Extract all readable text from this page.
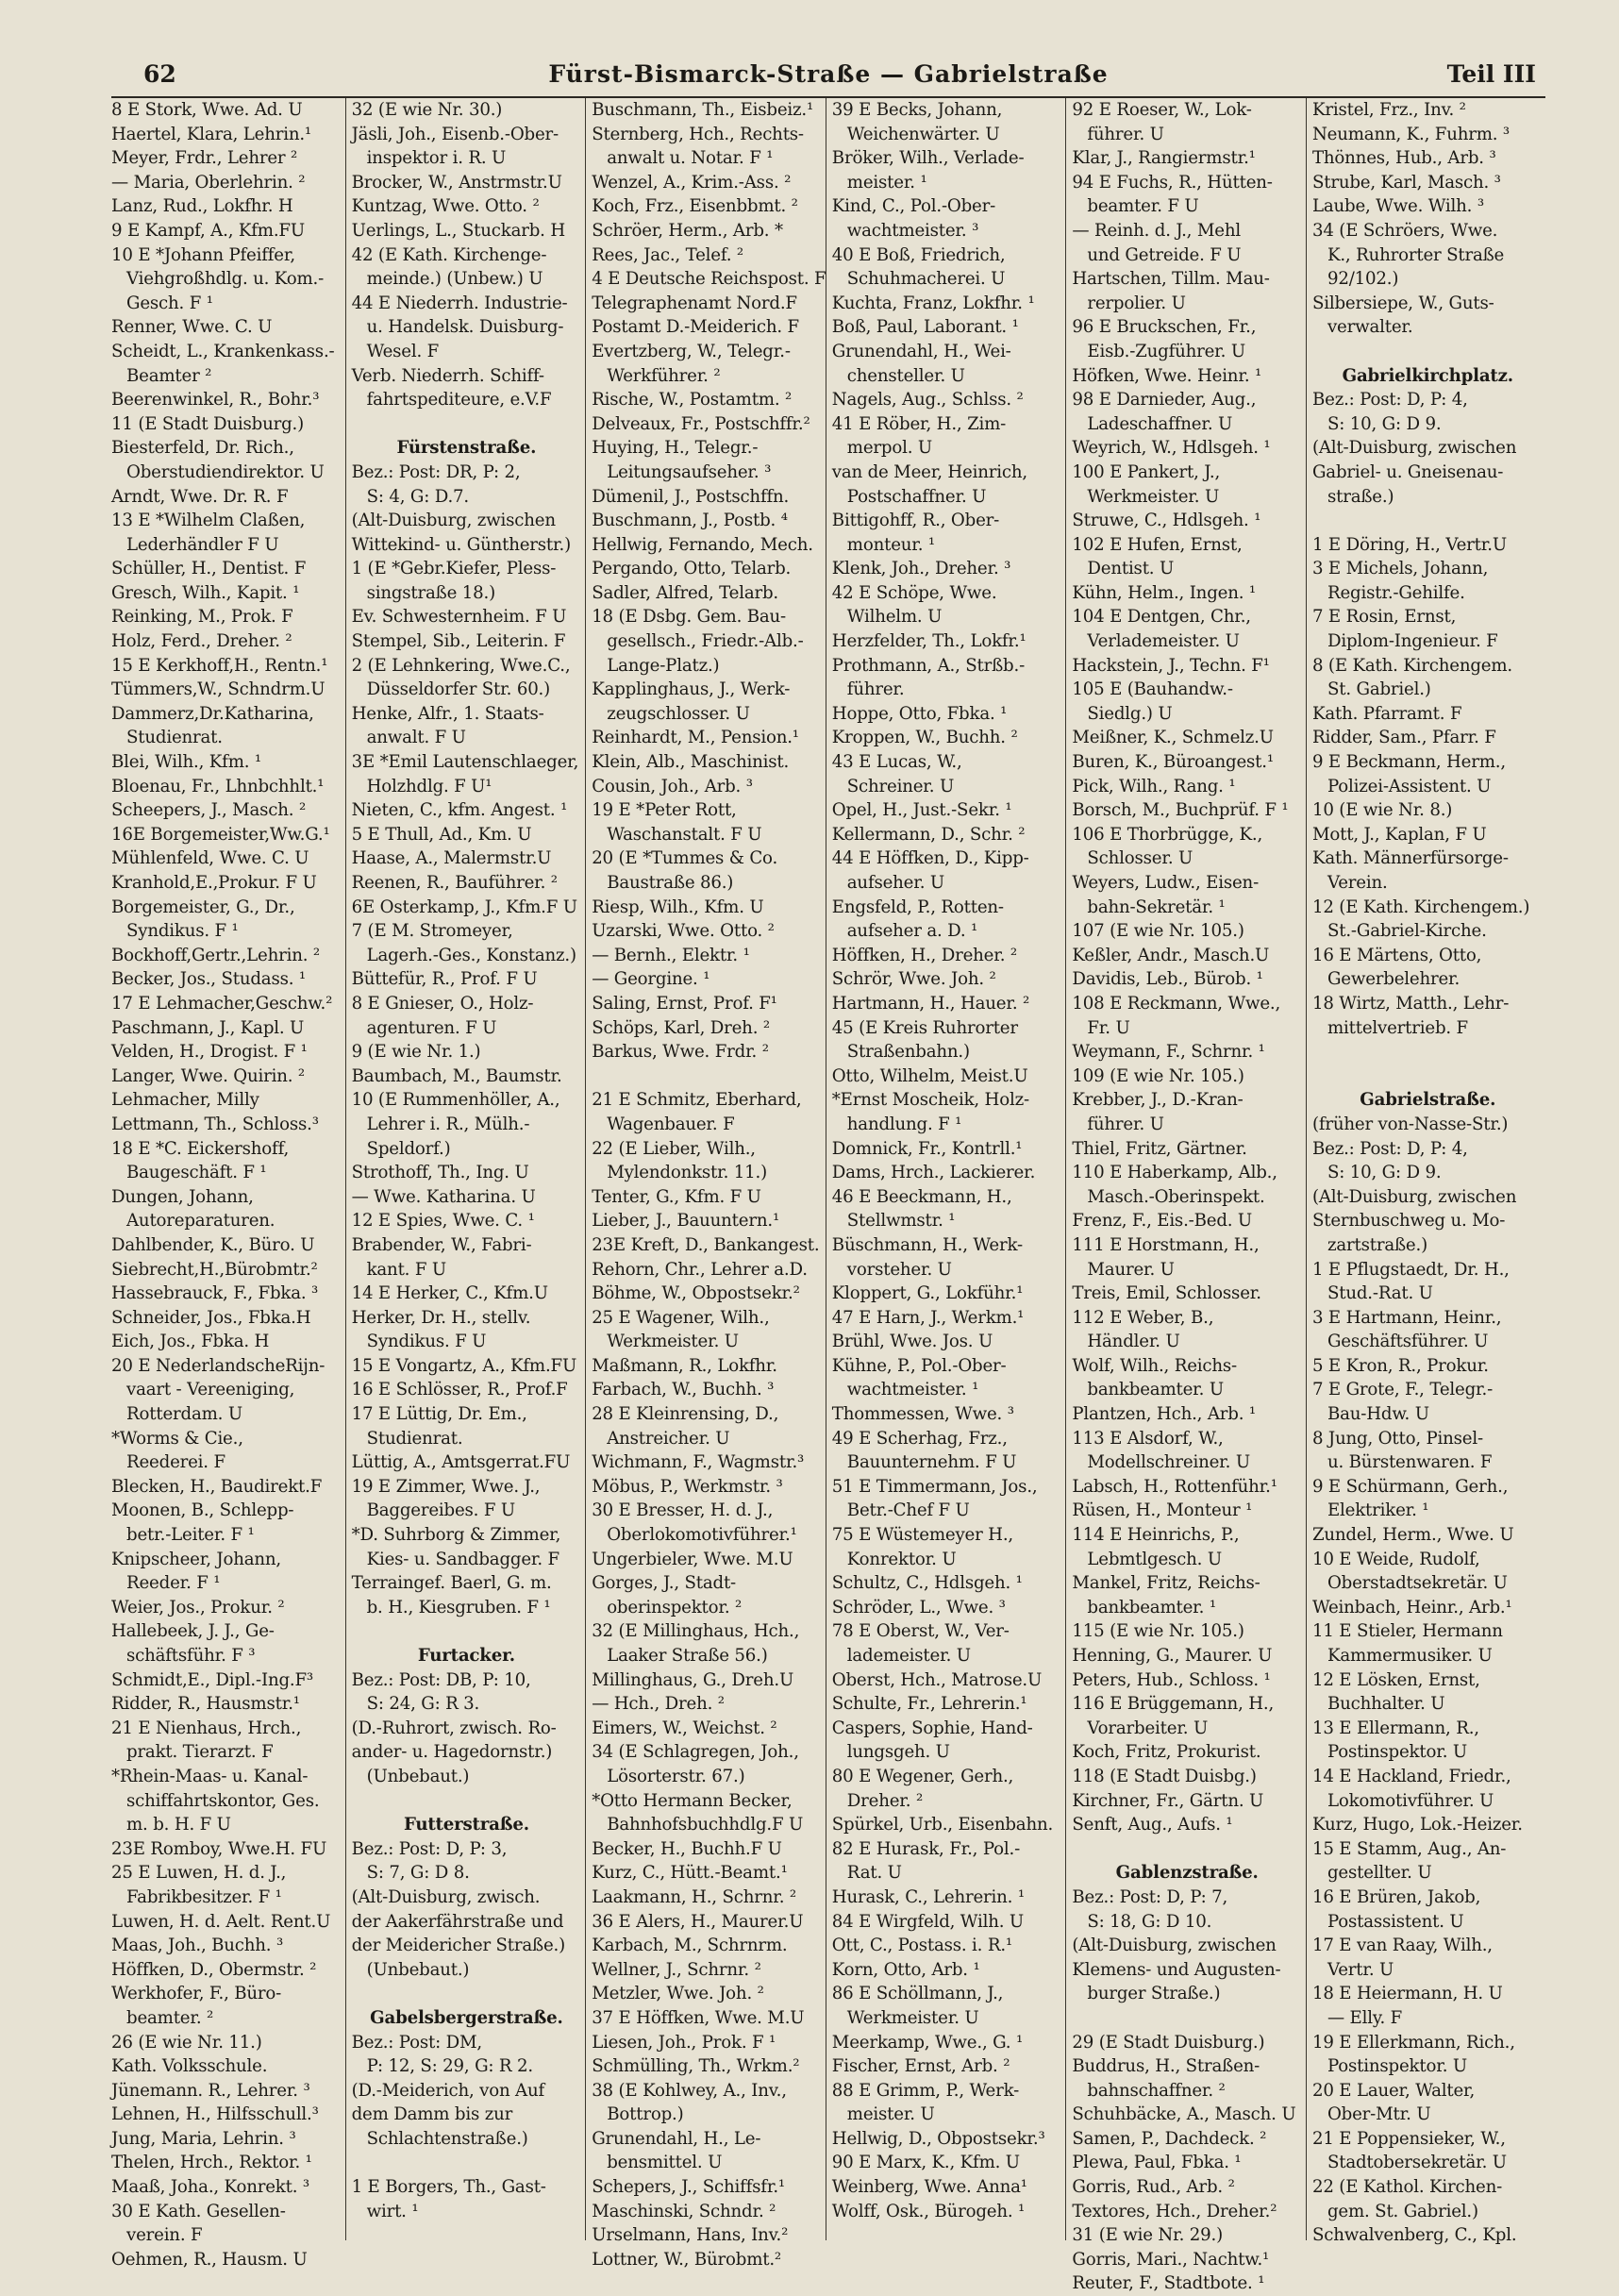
62	Fürst-Bismarck-Straße — Gabrielstraße	Teil III
8 E Stork, Wwe. Ad. U
Haertel, Klara, Lehrin.¹
Meyer, Frdr., Lehrer ²
— Maria, Oberlehrin. ²
Lanz, Rud., Lokfhr. H
9 E Kampf, A., Kfm.FU
10 E *Johann Pfeiffer,
Viehgroßhdlg. u. Kom.-
Gesch. F ¹
Renner, Wwe. C. U
Scheidt, L., Krankenkass.-
Beamter ²
Beerenwinkel, R., Bohr.³
11 (E Stadt Duisburg.)
Biesterfeld, Dr. Rich.,
Oberstudiendirektor. U
Arndt, Wwe. Dr. R. F
13 E *Wilhelm Claßen,
Lederhändler F U
Schüller, H., Dentist. F
Gresch, Wilh., Kapit. ¹
Reinking, M., Prok. F
Holz, Ferd., Dreher. ²
15 E Kerkhoff,H., Rentn.¹
Tümmers,W., Schndrm.U
Dammerz,Dr.Katharina,
Studienrat.
Blei, Wilh., Kfm. ¹
Bloenau, Fr., Lhnbchhlt.¹
Scheepers, J., Masch. ²
16E Borgemeister,Ww.G.¹
Mühlenfeld, Wwe. C. U
Kranhold,E.,Prokur. F U
Borgemeister, G., Dr.,
Syndikus. F ¹
Bockhoff,Gertr.,Lehrin. ²
Becker, Jos., Studass. ¹
17 E Lehmacher,Geschw.²
Paschmann, J., Kapl. U
Velden, H., Drogist. F ¹
Langer, Wwe. Quirin. ²
Lehmacher, Milly
Lettmann, Th., Schloss.³
18 E *C. Eickershoff,
Baugeschäft. F ¹
Dungen, Johann,
Autoreparaturen.
Dahlbender, K., Büro. U
Siebrecht,H.,Bürobmtr.²
Hassebrauck, F., Fbka. ³
Schneider, Jos., Fbka.H
Eich, Jos., Fbka. H
20 E NederlandscheRijn-
vaart - Vereeniging,
Rotterdam. U
*Worms & Cie.,
Reederei. F
Blecken, H., Baudirekt.F
Moonen, B., Schlepp-
betr.-Leiter. F ¹
Knipscheer, Johann,
Reeder. F ¹
Weier, Jos., Prokur. ²
Hallebeek, J. J., Ge-
schäftsführ. F ³
Schmidt,E., Dipl.-Ing.F³
Ridder, R., Hausmstr.¹
21 E Nienhaus, Hrch.,
prakt. Tierarzt. F
*Rhein-Maas- u. Kanal-
schiffahrtskontor, Ges.
m. b. H. F U
23E Romboy, Wwe.H. FU
25 E Luwen, H. d. J.,
Fabrikbesitzer. F ¹
Luwen, H. d. Aelt. Rent.U
Maas, Joh., Buchh. ³
Höffken, D., Obermstr. ²
Werkhofer, F., Büro-
beamter. ²
26 (E wie Nr. 11.)
Kath. Volksschule.
Jünemann. R., Lehrer. ³
Lehnen, H., Hilfsschull.³
Jung, Maria, Lehrin. ³
Thelen, Hrch., Rektor. ¹
Maaß, Joha., Konrekt. ³
30 E Kath. Gesellen-
verein. F
Oehmen, R., Hausm. U
32 (E wie Nr. 30.)
Jäsli, Joh., Eisenb.-Ober-
inspektor i. R. U
Brocker, W., Anstrmstr.U
Kuntzag, Wwe. Otto. ²
Uerlings, L., Stuckarb. H
42 (E Kath. Kirchenge-
meinde.) (Unbew.) U
44 E Niederrh. Industrie-
u. Handelsk. Duisburg-
Wesel. F
Verb. Niederrh. Schiff-
fahrtspediteure, e.V.F
Fürstenstraße.
Bez.: Post: DR, P: 2,
S: 4, G: D.7.
(Alt-Duisburg, zwischen
Wittekind- u. Güntherstr.)
1 (E *Gebr.Kiefer, Pless-
singstraße 18.)
Ev. Schwesternheim. F U
Stempel, Sib., Leiterin. F
2 (E Lehnkering, Wwe.C.,
Düsseldorfer Str. 60.)
Henke, Alfr., 1. Staats-
anwalt. F U
3E *Emil Lautenschlaeger,
Holzhdlg. F U¹
Nieten, C., kfm. Angest. ¹
5 E Thull, Ad., Km. U
Haase, A., Malermstr.U
Reenen, R., Bauführer. ²
6E Osterkamp, J., Kfm.F U
7 (E M. Stromeyer,
Lagerh.-Ges., Konstanz.)
Büttefür, R., Prof. F U
8 E Gnieser, O., Holz-
agenturen. F U
9 (E wie Nr. 1.)
Baumbach, M., Baumstr.
10 (E Rummenhöller, A.,
Lehrer i. R., Mülh.-
Speldorf.)
Strothoff, Th., Ing. U
— Wwe. Katharina. U
12 E Spies, Wwe. C. ¹
Brabender, W., Fabri-
kant. F U
14 E Herker, C., Kfm.U
Herker, Dr. H., stellv.
Syndikus. F U
15 E Vongartz, A., Kfm.FU
16 E Schlösser, R., Prof.F
17 E Lüttig, Dr. Em.,
Studienrat.
Lüttig, A., Amtsgerrat.FU
19 E Zimmer, Wwe. J.,
Baggereibes. F U
*D. Suhrborg & Zimmer,
Kies- u. Sandbagger. F
Terraingef. Baerl, G. m.
b. H., Kiesgruben. F ¹
Furtacker.
Bez.: Post: DB, P: 10,
S: 24, G: R 3.
(D.-Ruhrort, zwisch. Ro-
ander- u. Hagedornstr.)
(Unbebaut.)
Futterstraße.
Bez.: Post: D, P: 3,
S: 7, G: D 8.
(Alt-Duisburg, zwisch.
der Aakerfährstraße und
der Meidericher Straße.)
(Unbebaut.)
Gabelsbergerstraße.
Bez.: Post: DM,
P: 12, S: 29, G: R 2.
(D.-Meiderich, von Auf
dem Damm bis zur
Schlachtenstraße.)
1 E Borgers, Th., Gast-
wirt. ¹
Buschmann, Th., Eisbeiz.¹
Sternberg, Hch., Rechts-
anwalt u. Notar. F ¹
Wenzel, A., Krim.-Ass. ²
Koch, Frz., Eisenbbmt. ²
Schröer, Herm., Arb. *
Rees, Jac., Telef. ²
4 E Deutsche Reichspost. F
Telegraphenamt Nord.F
Postamt D.-Meiderich. F
Evertzberg, W., Telegr.-
Werkführer. ²
Rische, W., Postamtm. ²
Delveaux, Fr., Postschffr.²
Huying, H., Telegr.-
Leitungsaufseher. ³
Dümenil, J., Postschffn.
Buschmann, J., Postb. ⁴
Hellwig, Fernando, Mech.
Pergando, Otto, Telarb.
Sadler, Alfred, Telarb.
18 (E Dsbg. Gem. Bau-
gesellsch., Friedr.-Alb.-
Lange-Platz.)
Kapplinghaus, J., Werk-
zeugschlosser. U
Reinhardt, M., Pension.¹
Klein, Alb., Maschinist.
Cousin, Joh., Arb. ³
19 E *Peter Rott,
Waschanstalt. F U
20 (E *Tummes & Co.
Baustraße 86.)
Riesp, Wilh., Kfm. U
Uzarski, Wwe. Otto. ²
— Bernh., Elektr. ¹
— Georgine. ¹
Saling, Ernst, Prof. F¹
Schöps, Karl, Dreh. ²
Barkus, Wwe. Frdr. ²
21 E Schmitz, Eberhard,
Wagenbauer. F
22 (E Lieber, Wilh.,
Mylendonkstr. 11.)
Tenter, G., Kfm. F U
Lieber, J., Bauuntern.¹
23E Kreft, D., Bankangest.
Rehorn, Chr., Lehrer a.D.
Böhme, W., Obpostsekr.²
25 E Wagener, Wilh.,
Werkmeister. U
Maßmann, R., Lokfhr.
Farbach, W., Buchh. ³
28 E Kleinrensing, D.,
Anstreicher. U
Wichmann, F., Wagmstr.³
Möbus, P., Werkmstr. ³
30 E Bresser, H. d. J.,
Oberlokomotivführer.¹
Ungerbieler, Wwe. M.U
Gorges, J., Stadt-
oberinspektor. ²
32 (E Millinghaus, Hch.,
Laaker Straße 56.)
Millinghaus, G., Dreh.U
— Hch., Dreh. ²
Eimers, W., Weichst. ²
34 (E Schlagregen, Joh.,
Lösorterstr. 67.)
*Otto Hermann Becker,
Bahnhofsbuchhdlg.F U
Becker, H., Buchh.F U
Kurz, C., Hütt.-Beamt.¹
Laakmann, H., Schrnr. ²
36 E Alers, H., Maurer.U
Karbach, M., Schrnrm.
Wellner, J., Schrnr. ²
Metzler, Wwe. Joh. ²
37 E Höffken, Wwe. M.U
Liesen, Joh., Prok. F ¹
Schmülling, Th., Wrkm.²
38 (E Kohlwey, A., Inv.,
Bottrop.)
Grunendahl, H., Le-
bensmittel. U
Schepers, J., Schiffsfr.¹
Maschinski, Schndr. ²
Urselmann, Hans, Inv.²
Lottner, W., Bürobmt.²
39 E Becks, Johann,
Weichenwärter. U
Bröker, Wilh., Verlade-
meister. ¹
Kind, C., Pol.-Ober-
wachtmeister. ³
40 E Boß, Friedrich,
Schuhmacherei. U
Kuchta, Franz, Lokfhr. ¹
Boß, Paul, Laborant. ¹
Grunendahl, H., Wei-
chensteller. U
Nagels, Aug., Schlss. ²
41 E Röber, H., Zim-
merpol. U
van de Meer, Heinrich,
Postschaffner. U
Bittigohff, R., Ober-
monteur. ¹
Klenk, Joh., Dreher. ³
42 E Schöpe, Wwe.
Wilhelm. U
Herzfelder, Th., Lokfr.¹
Prothmann, A., Strßb.-
führer.
Hoppe, Otto, Fbka. ¹
Kroppen, W., Buchh. ²
43 E Lucas, W.,
Schreiner. U
Opel, H., Just.-Sekr. ¹
Kellermann, D., Schr. ²
44 E Höffken, D., Kipp-
aufseher. U
Engsfeld, P., Rotten-
aufseher a. D. ¹
Höffken, H., Dreher. ²
Schrör, Wwe. Joh. ²
Hartmann, H., Hauer. ²
45 (E Kreis Ruhrorter
Straßenbahn.)
Otto, Wilhelm, Meist.U
*Ernst Moscheik, Holz-
handlung. F ¹
Domnick, Fr., Kontrll.¹
Dams, Hrch., Lackierer.
46 E Beeckmann, H.,
Stellwmstr. ¹
Büschmann, H., Werk-
vorsteher. U
Kloppert, G., Lokführ.¹
47 E Harn, J., Werkm.¹
Brühl, Wwe. Jos. U
Kühne, P., Pol.-Ober-
wachtmeister. ¹
Thommessen, Wwe. ³
49 E Scherhag, Frz.,
Bauunternehm. F U
51 E Timmermann, Jos.,
Betr.-Chef F U
75 E Wüstemeyer H.,
Konrektor. U
Schultz, C., Hdlsgeh. ¹
Schröder, L., Wwe. ³
78 E Oberst, W., Ver-
lademeister. U
Oberst, Hch., Matrose.U
Schulte, Fr., Lehrerin.¹
Caspers, Sophie, Hand-
lungsgeh. U
80 E Wegener, Gerh.,
Dreher. ²
Spürkel, Urb., Eisenbahn.
82 E Hurask, Fr., Pol.-
Rat. U
Hurask, C., Lehrerin. ¹
84 E Wirgfeld, Wilh. U
Ott, C., Postass. i. R.¹
Korn, Otto, Arb. ¹
86 E Schöllmann, J.,
Werkmeister. U
Meerkamp, Wwe., G. ¹
Fischer, Ernst, Arb. ²
88 E Grimm, P., Werk-
meister. U
Hellwig, D., Obpostsekr.³
90 E Marx, K., Kfm. U
Weinberg, Wwe. Anna¹
Wolff, Osk., Bürogeh. ¹
92 E Roeser, W., Lok-
führer. U
Klar, J., Rangiermstr.¹
94 E Fuchs, R., Hütten-
beamter. F U
— Reinh. d. J., Mehl
und Getreide. F U
Hartschen, Tillm. Mau-
rerpolier. U
96 E Bruckschen, Fr.,
Eisb.-Zugführer. U
Höfken, Wwe. Heinr. ¹
98 E Darnieder, Aug.,
Ladeschaffner. U
Weyrich, W., Hdlsgeh. ¹
100 E Pankert, J.,
Werkmeister. U
Struwe, C., Hdlsgeh. ¹
102 E Hufen, Ernst,
Dentist. U
Kühn, Helm., Ingen. ¹
104 E Dentgen, Chr.,
Verlademeister. U
Hackstein, J., Techn. F¹
105 E (Bauhandw.-
Siedlg.) U
Meißner, K., Schmelz.U
Buren, K., Büroangest.¹
Pick, Wilh., Rang. ¹
Borsch, M., Buchprüf. F ¹
106 E Thorbrügge, K.,
Schlosser. U
Weyers, Ludw., Eisen-
bahn-Sekretär. ¹
107 (E wie Nr. 105.)
Keßler, Andr., Masch.U
Davidis, Leb., Bürob. ¹
108 E Reckmann, Wwe.,
Fr. U
Weymann, F., Schrnr. ¹
109 (E wie Nr. 105.)
Krebber, J., D.-Kran-
führer. U
Thiel, Fritz, Gärtner.
110 E Haberkamp, Alb.,
Masch.-Oberinspekt.
Frenz, F., Eis.-Bed. U
111 E Horstmann, H.,
Maurer. U
Treis, Emil, Schlosser.
112 E Weber, B.,
Händler. U
Wolf, Wilh., Reichs-
bankbeamter. U
Plantzen, Hch., Arb. ¹
113 E Alsdorf, W.,
Modellschreiner. U
Labsch, H., Rottenführ.¹
Rüsen, H., Monteur ¹
114 E Heinrichs, P.,
Lebmtlgesch. U
Mankel, Fritz, Reichs-
bankbeamter. ¹
115 (E wie Nr. 105.)
Henning, G., Maurer. U
Peters, Hub., Schloss. ¹
116 E Brüggemann, H.,
Vorarbeiter. U
Koch, Fritz, Prokurist.
118 (E Stadt Duisbg.)
Kirchner, Fr., Gärtn. U
Senft, Aug., Aufs. ¹
Gablenzstraße.
Bez.: Post: D, P: 7,
S: 18, G: D 10.
(Alt-Duisburg, zwischen
Klemens- und Augusten-
burger Straße.)
29 (E Stadt Duisburg.)
Buddrus, H., Straßen-
bahnschaffner. ²
Schuhbäcke, A., Masch. U
Samen, P., Dachdeck. ²
Plewa, Paul, Fbka. ¹
Gorris, Rud., Arb. ²
Textores, Hch., Dreher.²
31 (E wie Nr. 29.)
Gorris, Mari., Nachtw.¹
Reuter, F., Stadtbote. ¹
Kristel, Frz., Inv. ²
Neumann, K., Fuhrm. ³
Thönnes, Hub., Arb. ³
Strube, Karl, Masch. ³
Laube, Wwe. Wilh. ³
34 (E Schröers, Wwe.
K., Ruhrorter Straße
92/102.)
Silbersiepe, W., Guts-
verwalter.
Gabrielkirchplatz.
Bez.: Post: D, P: 4,
S: 10, G: D 9.
(Alt-Duisburg, zwischen
Gabriel- u. Gneisenau-
straße.)
1 E Döring, H., Vertr.U
3 E Michels, Johann,
Registr.-Gehilfe.
7 E Rosin, Ernst,
Diplom-Ingenieur. F
8 (E Kath. Kirchengem.
St. Gabriel.)
Kath. Pfarramt. F
Ridder, Sam., Pfarr. F
9 E Beckmann, Herm.,
Polizei-Assistent. U
10 (E wie Nr. 8.)
Mott, J., Kaplan, F U
Kath. Männerfürsorge-
Verein.
12 (E Kath. Kirchengem.)
St.-Gabriel-Kirche.
16 E Märtens, Otto,
Gewerbelehrer.
18 Wirtz, Matth., Lehr-
mittelvertrieb. F
Gabrielstraße.
(früher von-Nasse-Str.)
Bez.: Post: D, P: 4,
S: 10, G: D 9.
(Alt-Duisburg, zwischen
Sternbuschweg u. Mo-
zartstraße.)
1 E Pflugstaedt, Dr. H.,
Stud.-Rat. U
3 E Hartmann, Heinr.,
Geschäftsführer. U
5 E Kron, R., Prokur.
7 E Grote, F., Telegr.-
Bau-Hdw. U
8 Jung, Otto, Pinsel-
u. Bürstenwaren. F
9 E Schürmann, Gerh.,
Elektriker. ¹
Zundel, Herm., Wwe. U
10 E Weide, Rudolf,
Oberstadtsekretär. U
Weinbach, Heinr., Arb.¹
11 E Stieler, Hermann
Kammermusiker. U
12 E Lösken, Ernst,
Buchhalter. U
13 E Ellermann, R.,
Postinspektor. U
14 E Hackland, Friedr.,
Lokomotivführer. U
Kurz, Hugo, Lok.-Heizer.
15 E Stamm, Aug., An-
gestellter. U
16 E Brüren, Jakob,
Postassistent. U
17 E van Raay, Wilh.,
Vertr. U
18 E Heiermann, H. U
— Elly. F
19 E Ellerkmann, Rich.,
Postinspektor. U
20 E Lauer, Walter,
Ober-Mtr. U
21 E Poppensieker, W.,
Stadtobersekretär. U
22 (E Kathol. Kirchen-
gem. St. Gabriel.)
Schwalvenberg, C., Kpl.
